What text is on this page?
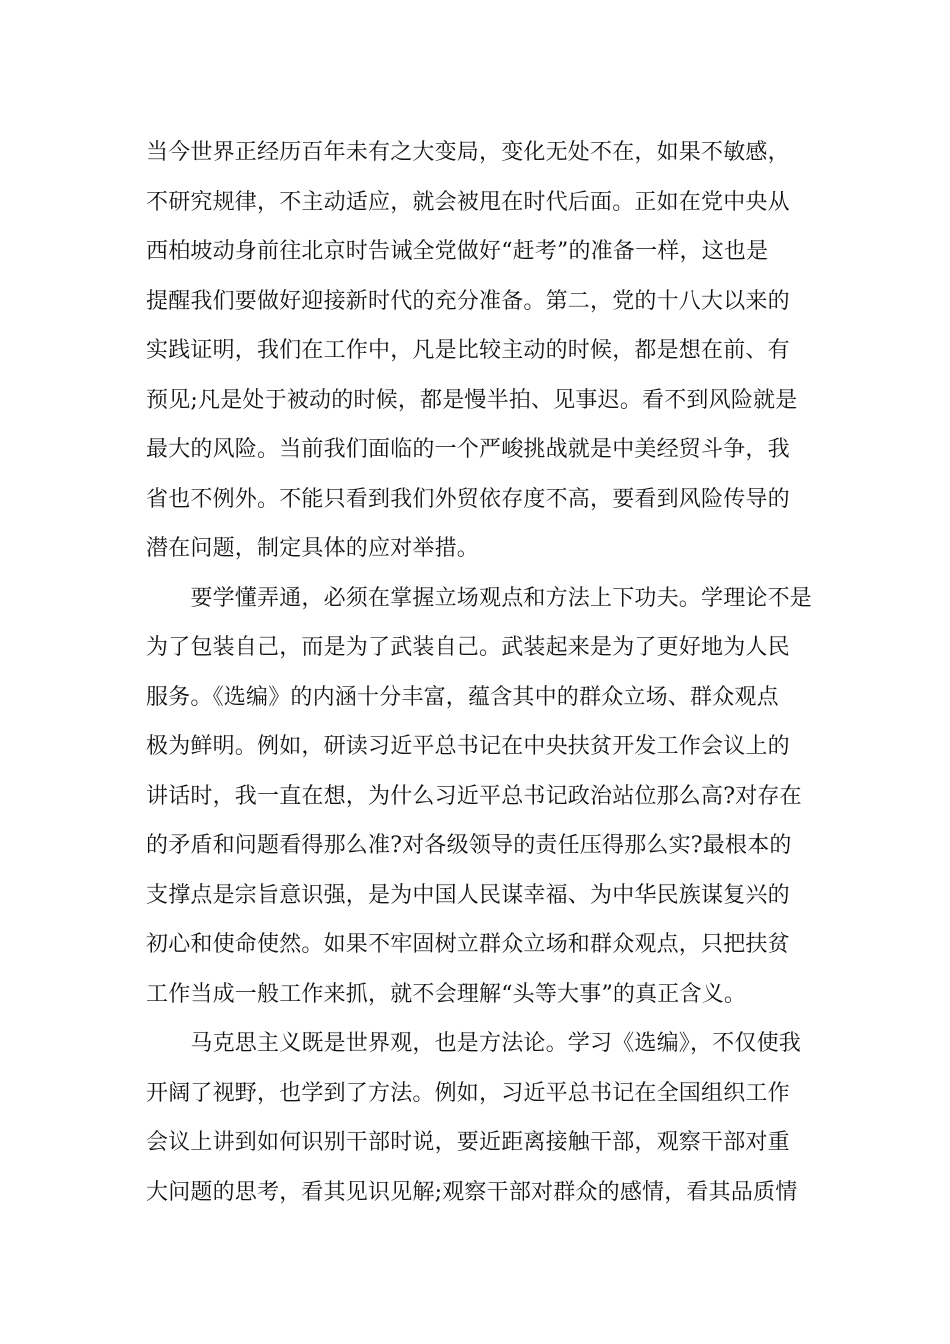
当今世界正经历百年未有之大变局，变化无处不在，如果不敏感，
不研究规律，不主动适应，就会被甩在时代后面。正如在党中央从
西柏坡动身前往北京时告诫全党做好“赶考”的准备一样，这也是
提醒我们要做好迎接新时代的充分准备。第二，党的十八大以来的
实践证明，我们在工作中，凡是比较主动的时候，都是想在前、有
预见;凡是处于被动的时候，都是慢半拍、见事迟。看不到风险就是
最大的风险。当前我们面临的一个严峻挑战就是中美经贸斗争，我
省也不例外。不能只看到我们外贸依存度不高，要看到风险传导的
潜在问题，制定具体的应对举措。
　　要学懂弄通，必须在掌握立场观点和方法上下功夫。学理论不是
为了包装自己，而是为了武装自己。武装起来是为了更好地为人民
服务。《选编》的内涵十分丰富，蕴含其中的群众立场、群众观点
极为鲜明。例如，研读习近平总书记在中央扶贫开发工作会议上的
讲话时，我一直在想，为什么习近平总书记政治站位那么高?对存在
的矛盾和问题看得那么准?对各级领导的责任压得那么实?最根本的
支撑点是宗旨意识强，是为中国人民谋幸福、为中华民族谋复兴的
初心和使命使然。如果不牢固树立群众立场和群众观点，只把扶贫
工作当成一般工作来抓，就不会理解“头等大事”的真正含义。
　　马克思主义既是世界观，也是方法论。学习《选编》，不仅使我
开阔了视野，也学到了方法。例如，习近平总书记在全国组织工作
会议上讲到如何识别干部时说，要近距离接触干部，观察干部对重
大问题的思考，看其见识见解;观察干部对群众的感情，看其品质情
